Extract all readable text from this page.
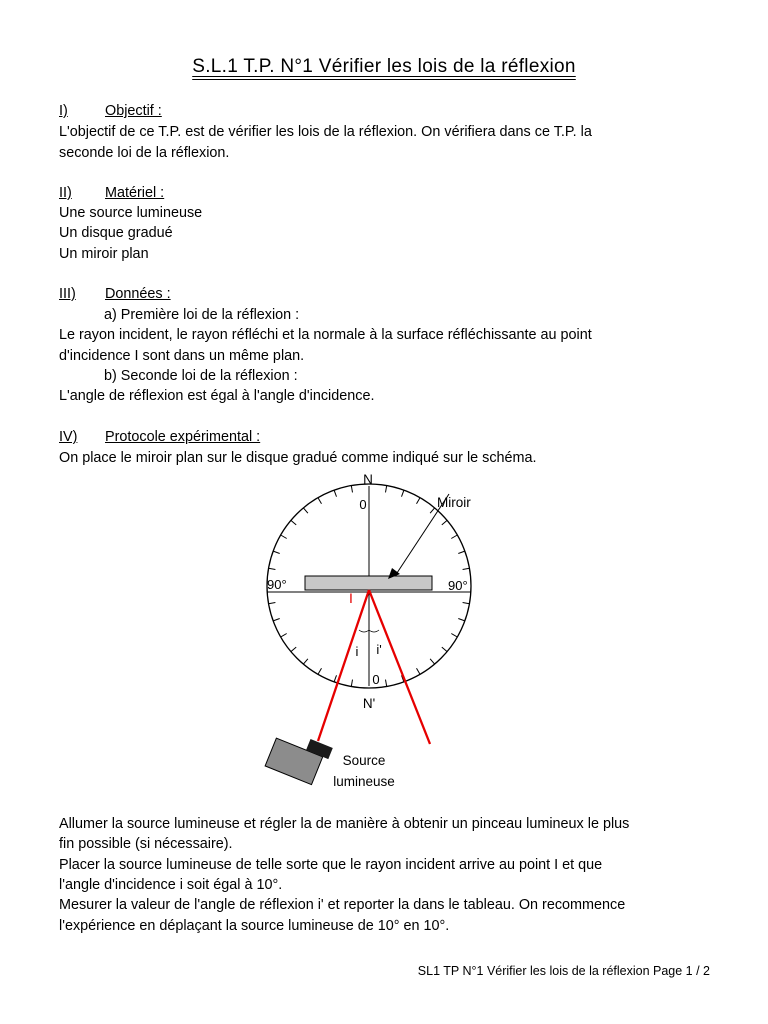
S.L.1 T.P. N°1 Vérifier les lois de la réflexion
I)	Objectif :
L'objectif de ce T.P. est de vérifier les lois de la réflexion. On vérifiera dans ce T.P. la
seconde loi de la réflexion.
II) Matériel :
Une source lumineuse
Un disque gradué
Un miroir plan
III) Données :
a) Première loi de la réflexion :
Le rayon incident, le rayon réfléchi et la normale à la surface réfléchissante au point
d'incidence I sont dans un même plan.
b) Seconde loi de la réflexion :
L'angle de réflexion est égal à l'angle d'incidence.
IV) Protocole expérimental :
On place le miroir plan sur le disque gradué comme indiqué sur le schéma.
N
0	Miroir
90°	90°
I
i i'
0
N'
Source
lumineuse
Allumer la source lumineuse et régler la de manière à obtenir un pinceau lumineux le plus
fin possible (si nécessaire).
Placer la source lumineuse de telle sorte que le rayon incident arrive au point I et que
l'angle d'incidence i soit égal à 10°.
Mesurer la valeur de l'angle de réflexion i' et reporter la dans le tableau. On recommence
l'expérience en déplaçant la source lumineuse de 10° en 10°.
SL1 TP N°1 Vérifier les lois de la réflexion Page 1 / 2
